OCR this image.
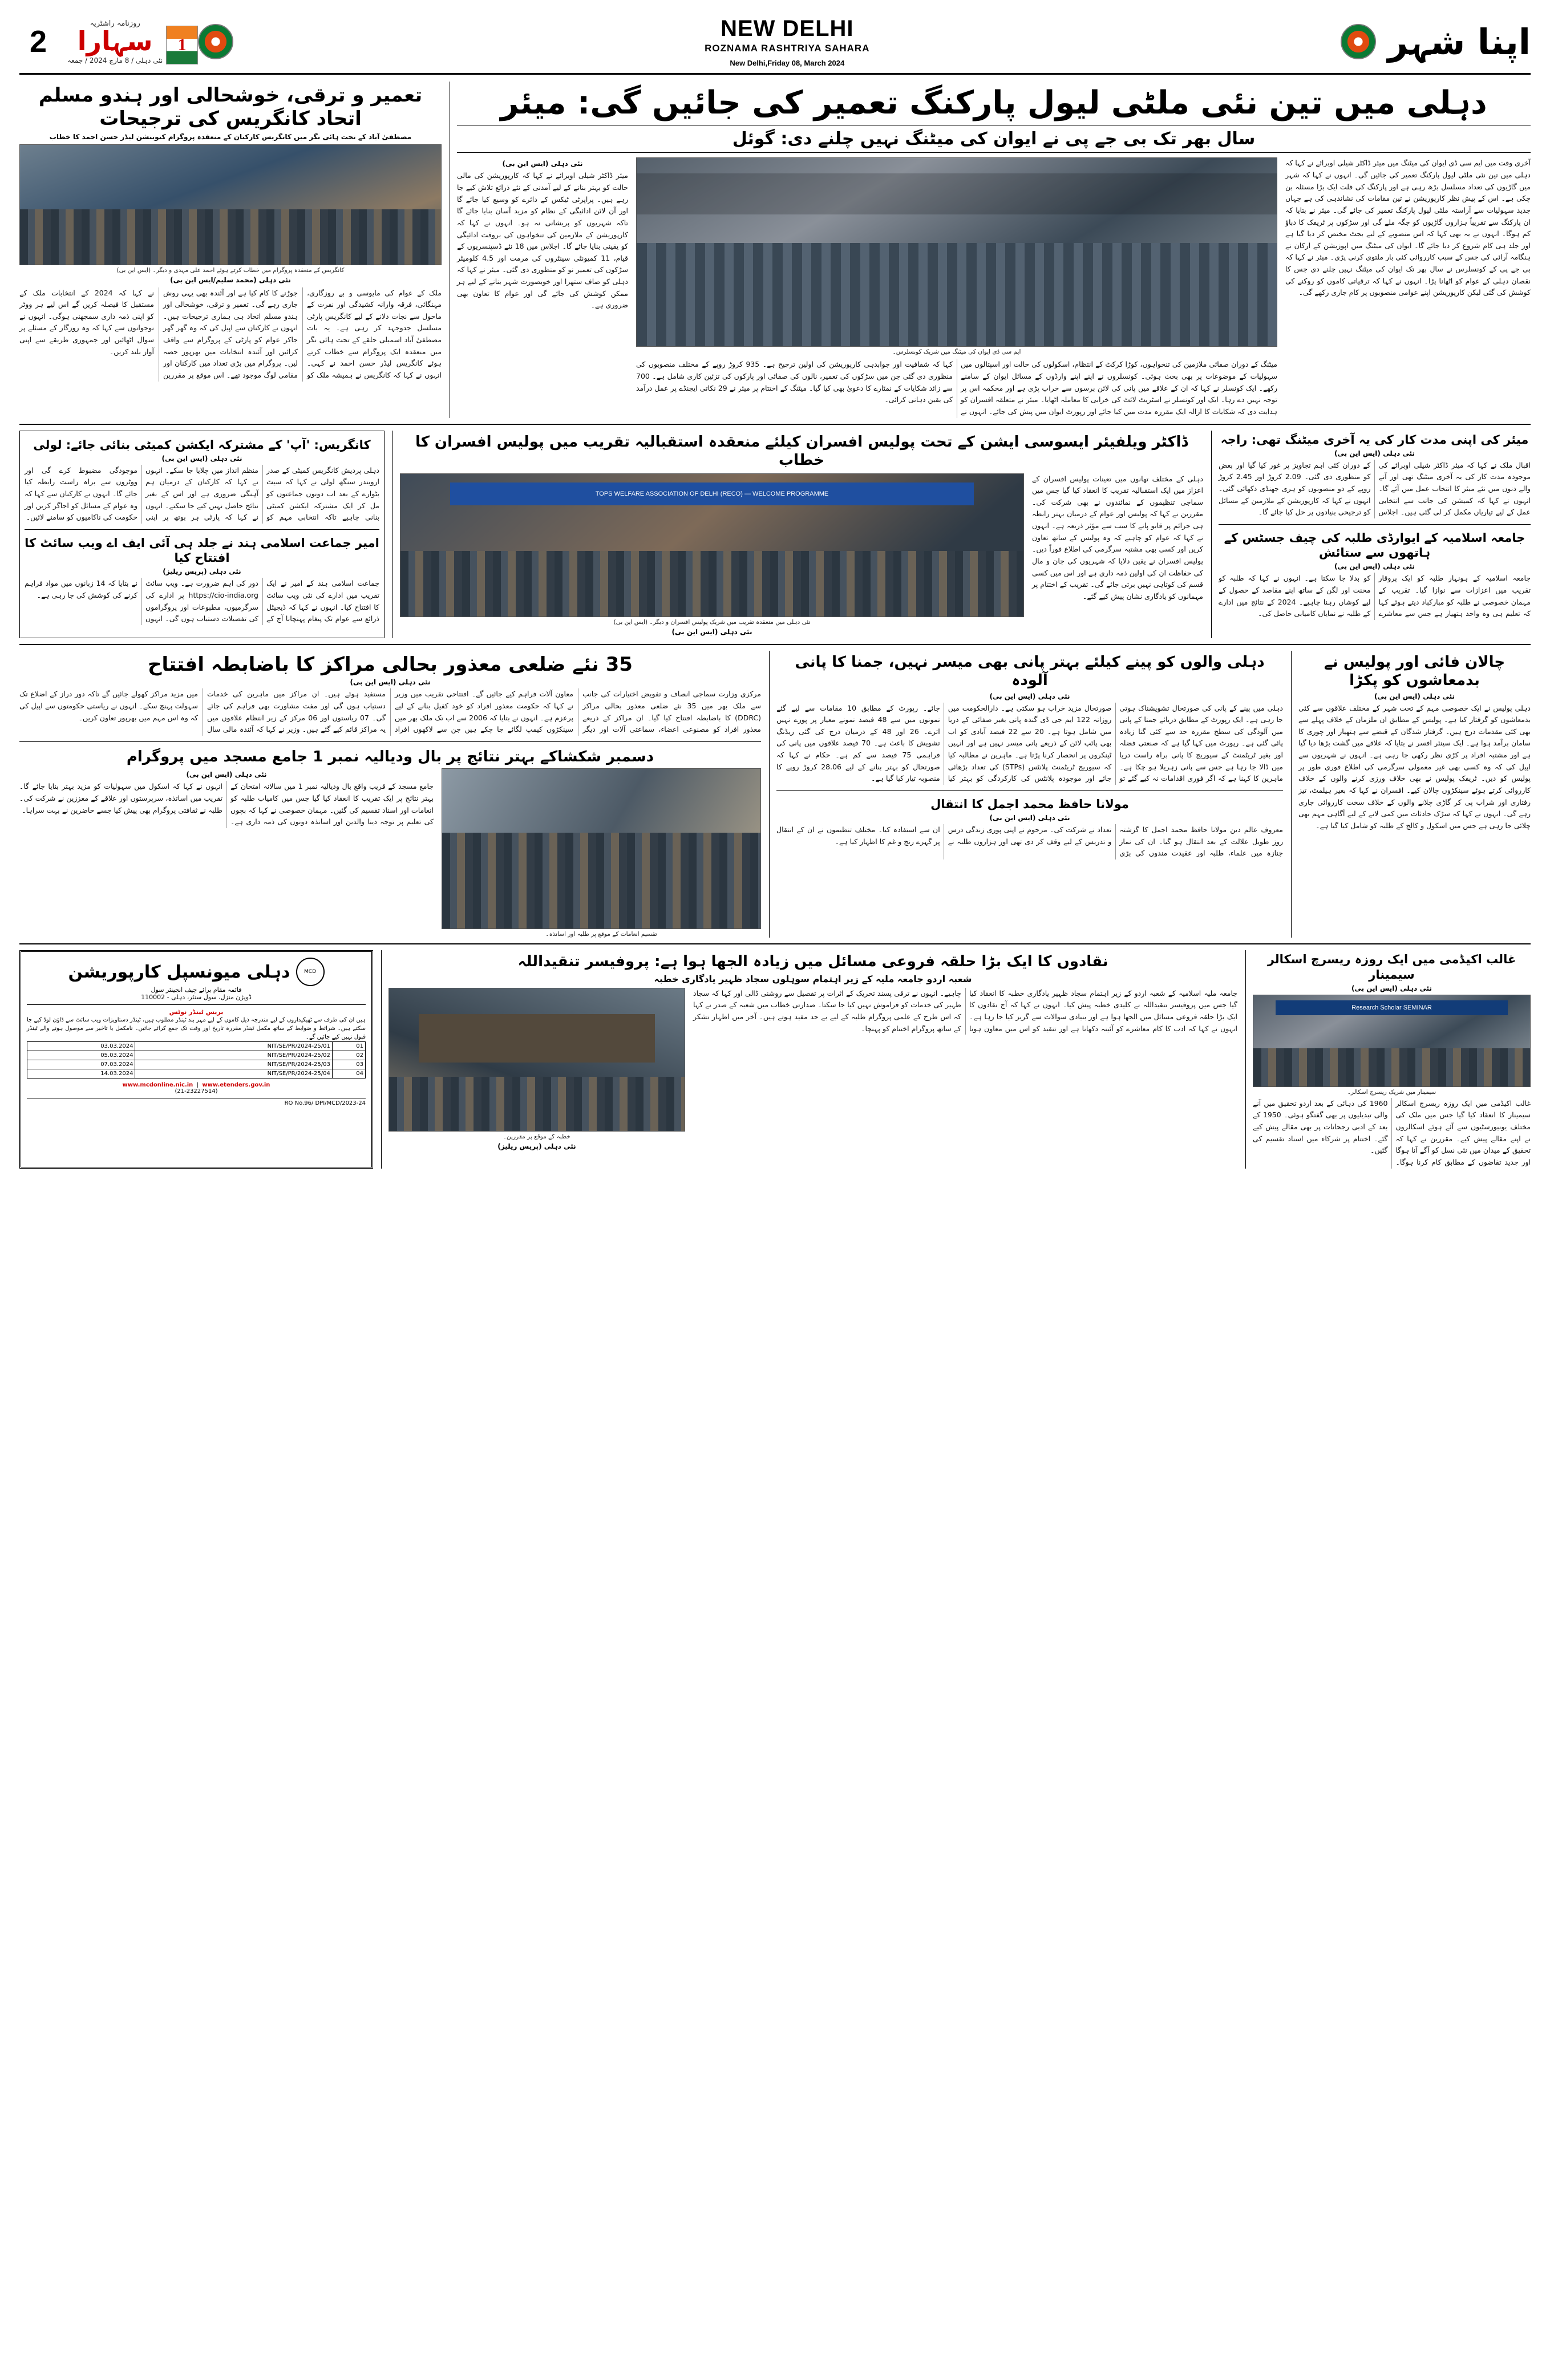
2
روزنامہ راشٹریہ
سہارا
نئی دہلی / 8 مارچ 2024 / جمعہ
1
NEW DELHI
ROZNAMA RASHTRIYA SAHARA
New Delhi,Friday 08, March 2024
اپنا شہر
تعمیر و ترقی، خوشحالی اور ہندو مسلم اتحاد کانگریس کی ترجیحات
مصطفیٰ آباد کے تحت ہائی نگر میں کانگریس کارکنان کے منعقدہ پروگرام کنوینشن لیڈر حسن احمد کا خطاب
کانگریس کے منعقدہ پروگرام میں خطاب کرتے ہوئے احمد علی مہدی و دیگر۔ (ایس این بی)
نئی دہلی (محمد سلیم/ایس این بی)
ملک کے عوام کی مایوسی و بے روزگاری، مہنگائی، فرقہ وارانہ کشیدگی اور نفرت کے ماحول سے نجات دلانے کے لیے کانگریس پارٹی مسلسل جدوجہد کر رہی ہے۔ یہ بات مصطفیٰ آباد اسمبلی حلقے کے تحت ہائی نگر میں منعقدہ ایک پروگرام سے خطاب کرتے ہوئے کانگریس لیڈر حسن احمد نے کہی۔ انہوں نے کہا کہ کانگریس نے ہمیشہ ملک کو جوڑنے کا کام کیا ہے اور آئندہ بھی یہی روش جاری رہے گی۔ تعمیر و ترقی، خوشحالی اور ہندو مسلم اتحاد ہی ہماری ترجیحات ہیں۔ انہوں نے کارکنان سے اپیل کی کہ وہ گھر گھر جاکر عوام کو پارٹی کے پروگرام سے واقف کرائیں اور آئندہ انتخابات میں بھرپور حصہ لیں۔ پروگرام میں بڑی تعداد میں کارکنان اور مقامی لوگ موجود تھے۔ اس موقع پر مقررین نے کہا کہ 2024 کے انتخابات ملک کے مستقبل کا فیصلہ کریں گے اس لیے ہر ووٹر کو اپنی ذمہ داری سمجھنی ہوگی۔ انہوں نے نوجوانوں سے کہا کہ وہ روزگار کے مسئلے پر سوال اٹھائیں اور جمہوری طریقے سے اپنی آواز بلند کریں۔
دہلی میں تین نئی ملٹی لیول پارکنگ تعمیر کی جائیں گی: میئر
سال بھر تک بی جے پی نے ایوان کی میٹنگ نہیں چلنے دی: گوئل
آخری وقت میں ایم سی ڈی ایوان کی میٹنگ میں میئر ڈاکٹر شیلی اوبرائے نے کہا کہ دہلی میں تین نئی ملٹی لیول پارکنگ تعمیر کی جائیں گی۔ انہوں نے کہا کہ شہر میں گاڑیوں کی تعداد مسلسل بڑھ رہی ہے اور پارکنگ کی قلت ایک بڑا مسئلہ بن چکی ہے۔ اس کے پیش نظر کارپوریشن نے تین مقامات کی نشاندہی کی ہے جہاں جدید سہولیات سے آراستہ ملٹی لیول پارکنگ تعمیر کی جائے گی۔ میئر نے بتایا کہ ان پارکنگ سے تقریباً ہزاروں گاڑیوں کو جگہ ملے گی اور سڑکوں پر ٹریفک کا دباؤ کم ہوگا۔ انہوں نے یہ بھی کہا کہ اس منصوبے کے لیے بجٹ مختص کر دیا گیا ہے اور جلد ہی کام شروع کر دیا جائے گا۔ ایوان کی میٹنگ میں اپوزیشن کے ارکان نے ہنگامہ آرائی کی جس کے سبب کارروائی کئی بار ملتوی کرنی پڑی۔ میئر نے کہا کہ بی جے پی کے کونسلرس نے سال بھر تک ایوان کی میٹنگ نہیں چلنے دی جس کا نقصان دہلی کے عوام کو اٹھانا پڑا۔ انہوں نے کہا کہ ترقیاتی کاموں کو روکنے کی کوشش کی گئی لیکن کارپوریشن اپنے عوامی منصوبوں پر کام جاری رکھے گی۔
ایم سی ڈی ایوان کی میٹنگ میں شریک کونسلرس۔
میٹنگ کے دوران صفائی ملازمین کی تنخواہوں، کوڑا کرکٹ کے انتظام، اسکولوں کی حالت اور اسپتالوں میں سہولیات کے موضوعات پر بھی بحث ہوئی۔ کونسلروں نے اپنے اپنے وارڈوں کے مسائل ایوان کے سامنے رکھے۔ ایک کونسلر نے کہا کہ ان کے علاقے میں پانی کی لائن برسوں سے خراب پڑی ہے اور محکمہ اس پر توجہ نہیں دے رہا۔ ایک اور کونسلر نے اسٹریٹ لائٹ کی خرابی کا معاملہ اٹھایا۔ میئر نے متعلقہ افسران کو ہدایت دی کہ شکایات کا ازالہ ایک مقررہ مدت میں کیا جائے اور رپورٹ ایوان میں پیش کی جائے۔ انہوں نے کہا کہ شفافیت اور جوابدہی کارپوریشن کی اولین ترجیح ہے۔ 935 کروڑ روپے کے مختلف منصوبوں کی منظوری دی گئی جن میں سڑکوں کی تعمیر، نالوں کی صفائی اور پارکوں کی تزئین کاری شامل ہے۔ 700 سے زائد شکایات کے نمٹارے کا دعویٰ بھی کیا گیا۔ میٹنگ کے اختتام پر میئر نے 29 نکاتی ایجنڈے پر عمل درآمد کی یقین دہانی کرائی۔
نئی دہلی (ایس این بی)
میئر ڈاکٹر شیلی اوبرائے نے کہا کہ کارپوریشن کی مالی حالت کو بہتر بنانے کے لیے آمدنی کے نئے ذرائع تلاش کیے جا رہے ہیں۔ پراپرٹی ٹیکس کے دائرے کو وسیع کیا جائے گا اور آن لائن ادائیگی کے نظام کو مزید آسان بنایا جائے گا تاکہ شہریوں کو پریشانی نہ ہو۔ انہوں نے کہا کہ کارپوریشن کے ملازمین کی تنخواہوں کی بروقت ادائیگی کو یقینی بنایا جائے گا۔ اجلاس میں 18 نئے ڈسپنسریوں کے قیام، 11 کمیونٹی سینٹروں کی مرمت اور 4.5 کلومیٹر سڑکوں کی تعمیر نو کو منظوری دی گئی۔ میئر نے کہا کہ دہلی کو صاف ستھرا اور خوبصورت شہر بنانے کے لیے ہر ممکن کوشش کی جائے گی اور عوام کا تعاون بھی ضروری ہے۔
کانگریس: 'آپ' کے مشترکہ ایکشن کمیٹی بنائی جائے: لولی
نئی دہلی (ایس این بی)
دہلی پردیش کانگریس کمیٹی کے صدر ارویندر سنگھ لولی نے کہا کہ سیٹ بٹوارے کے بعد اب دونوں جماعتوں کو مل کر ایک مشترکہ ایکشن کمیٹی بنانی چاہیے تاکہ انتخابی مہم کو منظم انداز میں چلایا جا سکے۔ انہوں نے کہا کہ کارکنان کے درمیان ہم آہنگی ضروری ہے اور اس کے بغیر نتائج حاصل نہیں کیے جا سکتے۔ انہوں نے کہا کہ پارٹی ہر بوتھ پر اپنی موجودگی مضبوط کرے گی اور ووٹروں سے براہ راست رابطہ کیا جائے گا۔ انہوں نے کارکنان سے کہا کہ وہ عوام کے مسائل کو اجاگر کریں اور حکومت کی ناکامیوں کو سامنے لائیں۔
امیر جماعت اسلامی ہند نے جلد ہی آئی ایف اے ویب سائٹ کا افتتاح کیا
نئی دہلی (پریس ریلیز)
جماعت اسلامی ہند کے امیر نے ایک تقریب میں ادارے کی نئی ویب سائٹ کا افتتاح کیا۔ انہوں نے کہا کہ ڈیجیٹل ذرائع سے عوام تک پیغام پہنچانا آج کے دور کی اہم ضرورت ہے۔ ویب سائٹ https://cio-india.org پر ادارے کی سرگرمیوں، مطبوعات اور پروگراموں کی تفصیلات دستیاب ہوں گی۔ انہوں نے بتایا کہ 14 زبانوں میں مواد فراہم کرنے کی کوشش کی جا رہی ہے۔
ڈاکٹر ویلفیئر ایسوسی ایشن کے تحت پولیس افسران کیلئے منعقدہ استقبالیہ تقریب میں پولیس افسران کا خطاب
دہلی کے مختلف تھانوں میں تعینات پولیس افسران کے اعزاز میں ایک استقبالیہ تقریب کا انعقاد کیا گیا جس میں سماجی تنظیموں کے نمائندوں نے بھی شرکت کی۔ مقررین نے کہا کہ پولیس اور عوام کے درمیان بہتر رابطہ ہی جرائم پر قابو پانے کا سب سے مؤثر ذریعہ ہے۔ انہوں نے کہا کہ عوام کو چاہیے کہ وہ پولیس کے ساتھ تعاون کریں اور کسی بھی مشتبہ سرگرمی کی اطلاع فوراً دیں۔ پولیس افسران نے یقین دلایا کہ شہریوں کی جان و مال کی حفاظت ان کی اولین ذمہ داری ہے اور اس میں کسی قسم کی کوتاہی نہیں برتی جائے گی۔ تقریب کے اختتام پر مہمانوں کو یادگاری نشان پیش کیے گئے۔
TOPS WELFARE ASSOCIATION OF DELHI (RECO) — WELCOME PROGRAMME
نئی دہلی میں منعقدہ تقریب میں شریک پولیس افسران و دیگر۔ (ایس این بی)
نئی دہلی (ایس این بی)
میئر کی اپنی مدت کار کی یہ آخری میٹنگ تھی: راجہ
نئی دہلی (ایس این بی)
اقبال ملک نے کہا کہ میئر ڈاکٹر شیلی اوبرائے کی موجودہ مدت کار کی یہ آخری میٹنگ تھی اور آنے والے دنوں میں نئے میئر کا انتخاب عمل میں آئے گا۔ انہوں نے کہا کہ کمیشن کی جانب سے انتخابی عمل کے لیے تیاریاں مکمل کر لی گئی ہیں۔ اجلاس کے دوران کئی اہم تجاویز پر غور کیا گیا اور بعض کو منظوری دی گئی۔ 2.09 کروڑ اور 2.45 کروڑ روپے کے دو منصوبوں کو ہری جھنڈی دکھائی گئی۔ انہوں نے کہا کہ کارپوریشن کے ملازمین کے مسائل کو ترجیحی بنیادوں پر حل کیا جائے گا۔
جامعہ اسلامیہ کے ایوارڈی طلبہ کی چیف جسٹس کے ہاتھوں سے ستائش
نئی دہلی (ایس این بی)
جامعہ اسلامیہ کے ہونہار طلبہ کو ایک پروقار تقریب میں اعزازات سے نوازا گیا۔ تقریب کے مہمان خصوصی نے طلبہ کو مبارکباد دیتے ہوئے کہا کہ تعلیم ہی وہ واحد ہتھیار ہے جس سے معاشرے کو بدلا جا سکتا ہے۔ انہوں نے کہا کہ طلبہ کو محنت اور لگن کے ساتھ اپنے مقاصد کے حصول کے لیے کوشاں رہنا چاہیے۔ 2024 کے نتائج میں ادارے کے طلبہ نے نمایاں کامیابی حاصل کی۔
35 نئے ضلعی معذور بحالی مراکز کا باضابطہ افتتاح
نئی دہلی (ایس این بی)
مرکزی وزارت سماجی انصاف و تفویض اختیارات کی جانب سے ملک بھر میں 35 نئے ضلعی معذور بحالی مراکز (DDRC) کا باضابطہ افتتاح کیا گیا۔ ان مراکز کے ذریعے معذور افراد کو مصنوعی اعضاء، سماعتی آلات اور دیگر معاون آلات فراہم کیے جائیں گے۔ افتتاحی تقریب میں وزیر نے کہا کہ حکومت معذور افراد کو خود کفیل بنانے کے لیے پرعزم ہے۔ انہوں نے بتایا کہ 2006 سے اب تک ملک بھر میں سینکڑوں کیمپ لگائے جا چکے ہیں جن سے لاکھوں افراد مستفید ہوئے ہیں۔ ان مراکز میں ماہرین کی خدمات دستیاب ہوں گی اور مفت مشاورت بھی فراہم کی جائے گی۔ 07 ریاستوں اور 06 مرکز کے زیر انتظام علاقوں میں یہ مراکز قائم کیے گئے ہیں۔ وزیر نے کہا کہ آئندہ مالی سال میں مزید مراکز کھولے جائیں گے تاکہ دور دراز کے اضلاع تک سہولت پہنچ سکے۔ انہوں نے ریاستی حکومتوں سے اپیل کی کہ وہ اس مہم میں بھرپور تعاون کریں۔
دسمبر شکشاکے بہتر نتائج پر بال ودیالیہ نمبر 1 جامع مسجد میں پروگرام
تقسیم انعامات کے موقع پر طلبہ اور اساتذہ۔
نئی دہلی (ایس این بی)
جامع مسجد کے قریب واقع بال ودیالیہ نمبر 1 میں سالانہ امتحان کے بہتر نتائج پر ایک تقریب کا انعقاد کیا گیا جس میں کامیاب طلبہ کو انعامات اور اسناد تقسیم کی گئیں۔ مہمان خصوصی نے کہا کہ بچوں کی تعلیم پر توجہ دینا والدین اور اساتذہ دونوں کی ذمہ داری ہے۔ انہوں نے کہا کہ اسکول میں سہولیات کو مزید بہتر بنایا جائے گا۔ تقریب میں اساتذہ، سرپرستوں اور علاقے کے معززین نے شرکت کی۔ طلبہ نے ثقافتی پروگرام بھی پیش کیا جسے حاضرین نے بہت سراہا۔
دہلی والوں کو پینے کیلئے بہتر پانی بھی میسر نہیں، جمنا کا پانی آلودہ
نئی دہلی (ایس این بی)
دہلی میں پینے کے پانی کی صورتحال تشویشناک ہوتی جا رہی ہے۔ ایک رپورٹ کے مطابق دریائے جمنا کے پانی میں آلودگی کی سطح مقررہ حد سے کئی گنا زیادہ پائی گئی ہے۔ رپورٹ میں کہا گیا ہے کہ صنعتی فضلہ اور بغیر ٹریٹمنٹ کے سیوریج کا پانی براہ راست دریا میں ڈالا جا رہا ہے جس سے پانی زہریلا ہو چکا ہے۔ ماہرین کا کہنا ہے کہ اگر فوری اقدامات نہ کیے گئے تو صورتحال مزید خراب ہو سکتی ہے۔ دارالحکومت میں روزانہ 122 ایم جی ڈی گندہ پانی بغیر صفائی کے دریا میں شامل ہوتا ہے۔ 20 سے 22 فیصد آبادی کو اب بھی پائپ لائن کے ذریعے پانی میسر نہیں ہے اور انہیں ٹینکروں پر انحصار کرنا پڑتا ہے۔ ماہرین نے مطالبہ کیا کہ سیوریج ٹریٹمنٹ پلانٹس (STPs) کی تعداد بڑھائی جائے اور موجودہ پلانٹس کی کارکردگی کو بہتر کیا جائے۔ رپورٹ کے مطابق 10 مقامات سے لیے گئے نمونوں میں سے 48 فیصد نمونے معیار پر پورے نہیں اترے۔ 26 اور 48 کے درمیان درج کی گئی ریڈنگ تشویش کا باعث ہے۔ 70 فیصد علاقوں میں پانی کی فراہمی 75 فیصد سے کم ہے۔ حکام نے کہا کہ صورتحال کو بہتر بنانے کے لیے 28.06 کروڑ روپے کا منصوبہ تیار کیا گیا ہے۔
مولانا حافظ محمد اجمل کا انتقال
نئی دہلی (ایس این بی)
معروف عالم دین مولانا حافظ محمد اجمل کا گزشتہ روز طویل علالت کے بعد انتقال ہو گیا۔ ان کی نماز جنازہ میں علماء، طلبہ اور عقیدت مندوں کی بڑی تعداد نے شرکت کی۔ مرحوم نے اپنی پوری زندگی درس و تدریس کے لیے وقف کر دی تھی اور ہزاروں طلبہ نے ان سے استفادہ کیا۔ مختلف تنظیموں نے ان کے انتقال پر گہرے رنج و غم کا اظہار کیا ہے۔
چالان فائی اور پولیس نے بدمعاشوں کو پکڑا
نئی دہلی (ایس این بی)
دہلی پولیس نے ایک خصوصی مہم کے تحت شہر کے مختلف علاقوں سے کئی بدمعاشوں کو گرفتار کیا ہے۔ پولیس کے مطابق ان ملزمان کے خلاف پہلے سے بھی کئی مقدمات درج ہیں۔ گرفتار شدگان کے قبضے سے ہتھیار اور چوری کا سامان برآمد ہوا ہے۔ ایک سینئر افسر نے بتایا کہ علاقے میں گشت بڑھا دیا گیا ہے اور مشتبہ افراد پر کڑی نظر رکھی جا رہی ہے۔ انہوں نے شہریوں سے اپیل کی کہ وہ کسی بھی غیر معمولی سرگرمی کی اطلاع فوری طور پر پولیس کو دیں۔ ٹریفک پولیس نے بھی خلاف ورزی کرنے والوں کے خلاف کارروائی کرتے ہوئے سینکڑوں چالان کیے۔ افسران نے کہا کہ بغیر ہیلمٹ، تیز رفتاری اور شراب پی کر گاڑی چلانے والوں کے خلاف سخت کارروائی جاری رہے گی۔ انہوں نے کہا کہ سڑک حادثات میں کمی لانے کے لیے آگاہی مہم بھی چلائی جا رہی ہے جس میں اسکول و کالج کے طلبہ کو شامل کیا گیا ہے۔
MCD
دہلی میونسپل کارپوریشن
قائمہ مقام برائے چیف انجینئر سول
ڈویژن منزل، سول سنٹر، دہلی - 110002
بریس ٹینڈر نوٹس
ہیں ان کی طرف سے ٹھیکیداروں کے لیے مندرجہ ذیل کاموں کے لیے مہر بند ٹینڈر مطلوب ہیں، ٹینڈر دستاویزات ویب سائٹ سے ڈاؤن لوڈ کیے جا سکتے ہیں۔ شرائط و ضوابط کے ساتھ مکمل ٹینڈر مقررہ تاریخ اور وقت تک جمع کرائے جائیں۔ نامکمل یا تاخیر سے موصول ہونے والے ٹینڈر قبول نہیں کیے جائیں گے۔
01	NIT/SE/PR/2024-25/01	03.03.2024
02	NIT/SE/PR/2024-25/02	05.03.2024
03	NIT/SE/PR/2024-25/03	07.03.2024
04	NIT/SE/PR/2024-25/04	14.03.2024
www.mcdonline.nic.in  |  www.etenders.gov.in
(21-23227514)
RO No.96/ DPI/MCD/2023-24
نقادوں کا ایک بڑا حلقہ فروعی مسائل میں زیادہ الجھا ہوا ہے: پروفیسر تنقیداللہ
شعبہ اردو جامعہ ملیہ کے زیر اہتمام سوہلوں سجاد ظہیر یادگاری خطبہ
جامعہ ملیہ اسلامیہ کے شعبہ اردو کے زیر اہتمام سجاد ظہیر یادگاری خطبہ کا انعقاد کیا گیا جس میں پروفیسر تنقیداللہ نے کلیدی خطبہ پیش کیا۔ انہوں نے کہا کہ آج نقادوں کا ایک بڑا حلقہ فروعی مسائل میں الجھا ہوا ہے اور بنیادی سوالات سے گریز کیا جا رہا ہے۔ انہوں نے کہا کہ ادب کا کام معاشرے کو آئینہ دکھانا ہے اور تنقید کو اس میں معاون ہونا چاہیے۔ انہوں نے ترقی پسند تحریک کے اثرات پر تفصیل سے روشنی ڈالی اور کہا کہ سجاد ظہیر کی خدمات کو فراموش نہیں کیا جا سکتا۔ صدارتی خطاب میں شعبہ کے صدر نے کہا کہ اس طرح کے علمی پروگرام طلبہ کے لیے بے حد مفید ہوتے ہیں۔ آخر میں اظہار تشکر کے ساتھ پروگرام اختتام کو پہنچا۔
خطبہ کے موقع پر مقررین۔
نئی دہلی (پریس ریلیز)
غالب اکیڈمی میں ایک روزہ ریسرچ اسکالر سیمینار
نئی دہلی (ایس این بی)
Research Scholar SEMINAR
سیمینار میں شریک ریسرچ اسکالر۔
غالب اکیڈمی میں ایک روزہ ریسرچ اسکالر سیمینار کا انعقاد کیا گیا جس میں ملک کی مختلف یونیورسٹیوں سے آئے ہوئے اسکالروں نے اپنے مقالے پیش کیے۔ مقررین نے کہا کہ تحقیق کے میدان میں نئی نسل کو آگے آنا ہوگا اور جدید تقاضوں کے مطابق کام کرنا ہوگا۔ 1960 کی دہائی کے بعد اردو تحقیق میں آنے والی تبدیلیوں پر بھی گفتگو ہوئی۔ 1950 کے بعد کے ادبی رجحانات پر بھی مقالے پیش کیے گئے۔ اختتام پر شرکاء میں اسناد تقسیم کی گئیں۔
